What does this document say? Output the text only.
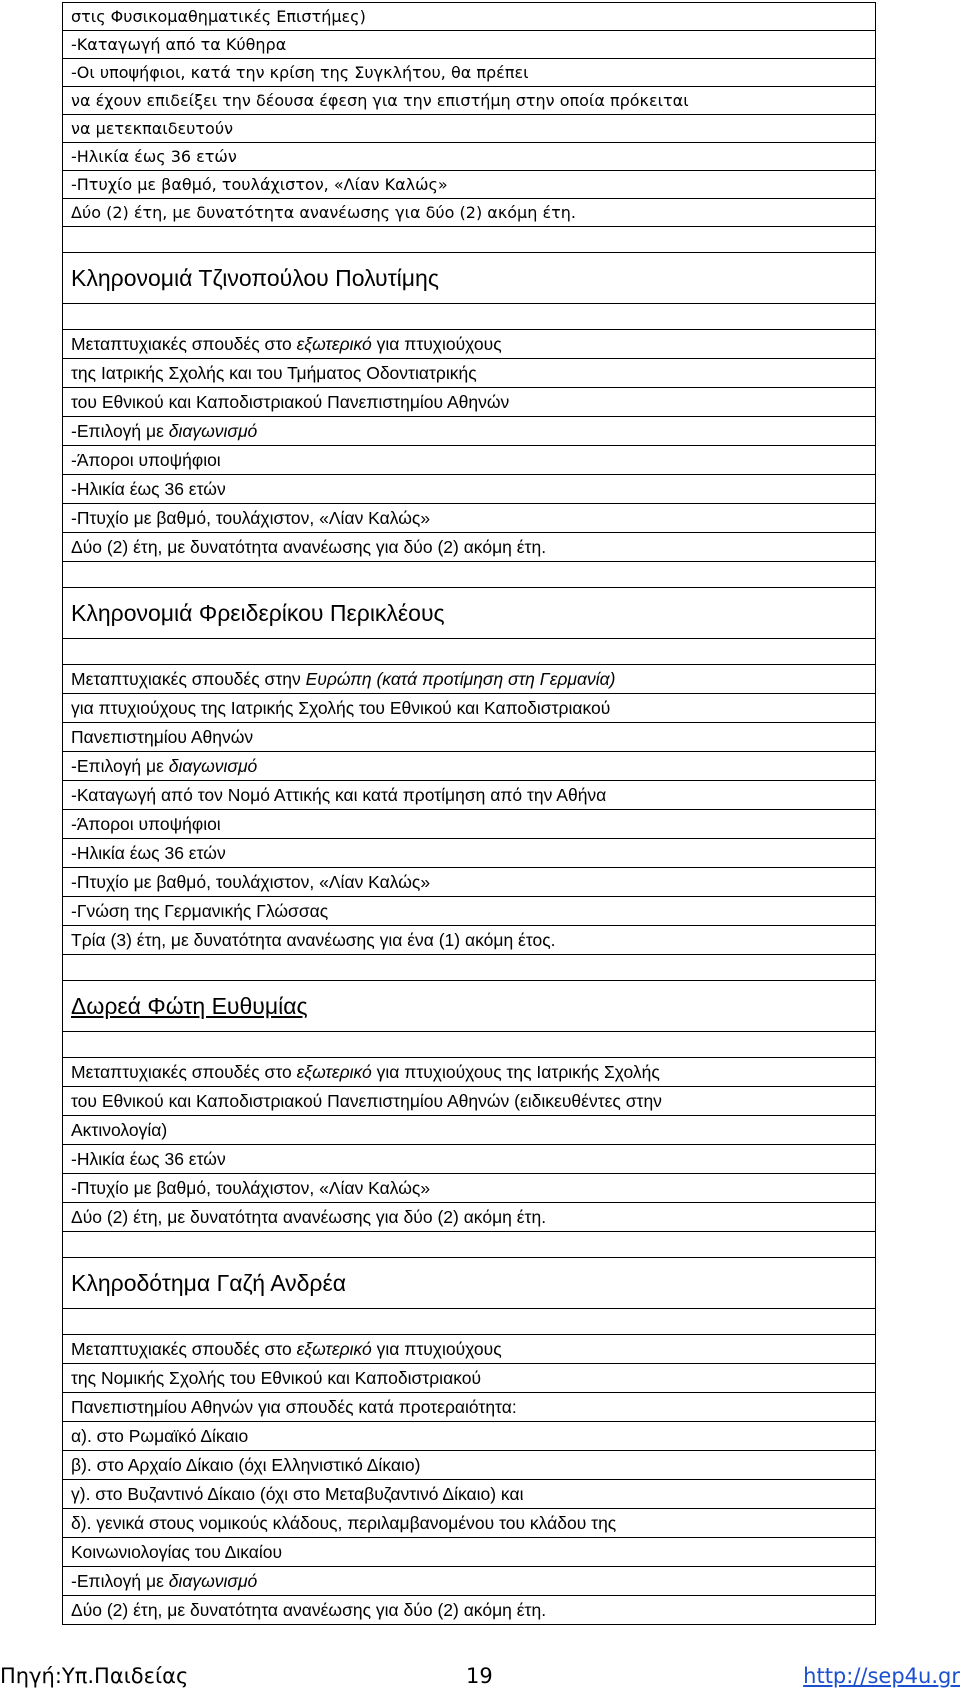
στις Φυσικομαθηματικές Επιστήμες)
-Καταγωγή από τα Κύθηρα
-Οι υποψήφιοι, κατά την κρίση της Συγκλήτου, θα πρέπει
να έχουν επιδείξει την δέουσα έφεση για την επιστήμη στην οποία πρόκειται
να μετεκπαιδευτούν
-Ηλικία έως 36 ετών
-Πτυχίο με βαθμό, τουλάχιστον, «Λίαν Καλώς»
Δύο (2) έτη, με δυνατότητα ανανέωσης για δύο (2) ακόμη έτη.
Κληρονομιά Τζινοπούλου Πολυτίμης
Μεταπτυχιακές σπουδές στο εξωτερικό για πτυχιούχους
της Ιατρικής Σχολής και του Τμήματος Οδοντιατρικής
του Εθνικού και Καποδιστριακού Πανεπιστημίου Αθηνών
-Επιλογή με διαγωνισμό
-Άποροι υποψήφιοι
-Ηλικία έως 36 ετών
-Πτυχίο με βαθμό, τουλάχιστον, «Λίαν Καλώς»
Δύο (2) έτη, με δυνατότητα ανανέωσης για δύο (2) ακόμη έτη.
Κληρονομιά Φρειδερίκου Περικλέους
Μεταπτυχιακές σπουδές στην Ευρώπη (κατά προτίμηση στη Γερμανία)
για πτυχιούχους της Ιατρικής Σχολής του Εθνικού και Καποδιστριακού
Πανεπιστημίου Αθηνών
-Επιλογή με διαγωνισμό
-Καταγωγή από τον Νομό Αττικής και κατά προτίμηση από την Αθήνα
-Άποροι υποψήφιοι
-Ηλικία έως 36 ετών
-Πτυχίο με βαθμό, τουλάχιστον, «Λίαν Καλώς»
-Γνώση της Γερμανικής Γλώσσας
Τρία (3) έτη, με δυνατότητα ανανέωσης για ένα (1) ακόμη έτος.
Δωρεά Φώτη Ευθυμίας
Μεταπτυχιακές σπουδές στο εξωτερικό για πτυχιούχους της Ιατρικής Σχολής
του Εθνικού και Καποδιστριακού Πανεπιστημίου Αθηνών (ειδικευθέντες στην
Ακτινολογία)
-Ηλικία έως 36 ετών
-Πτυχίο με βαθμό, τουλάχιστον, «Λίαν Καλώς»
Δύο (2) έτη, με δυνατότητα ανανέωσης για δύο (2) ακόμη έτη.
Κληροδότημα Γαζή Ανδρέα
Μεταπτυχιακές σπουδές στο εξωτερικό για πτυχιούχους
της Νομικής Σχολής του Εθνικού και Καποδιστριακού
Πανεπιστημίου Αθηνών για σπουδές κατά προτεραιότητα:
α). στο Ρωμαϊκό Δίκαιο
β). στο Αρχαίο Δίκαιο (όχι Ελληνιστικό Δίκαιο)
γ). στο Βυζαντινό Δίκαιο (όχι στο Μεταβυζαντινό Δίκαιο) και
δ). γενικά στους νομικούς κλάδους, περιλαμβανομένου του κλάδου της
Κοινωνιολογίας του Δικαίου
-Επιλογή με διαγωνισμό
Δύο (2) έτη, με δυνατότητα ανανέωσης για δύο (2) ακόμη έτη.
Πηγή:Υπ.Παιδείας	19	http://sep4u.gr
